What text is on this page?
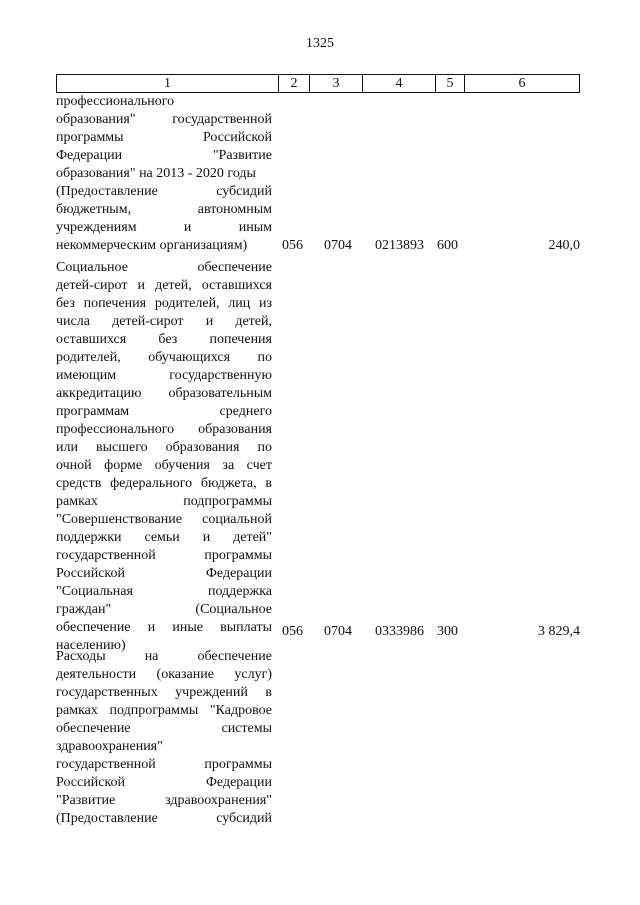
1325
1	2	3	4	5	6
профессионального
образования" государственной
программы Российской
Федерации "Развитие
образования" на 2013 - 2020 годы
(Предоставление субсидий
бюджетным, автономным
учреждениям и иным
некоммерческим организациям)	056 0704 0213893 600	240,0
Социальное обеспечение
детей-сирот и детей, оставшихся
без попечения родителей, лиц из
числа детей-сирот и детей,
оставшихся без попечения
родителей, обучающихся по
имеющим государственную
аккредитацию образовательным
программам среднего
профессионального образования
или высшего образования по
очной форме обучения за счет
средств федерального бюджета, в
рамках подпрограммы
"Совершенствование социальной
поддержки семьи и детей"
государственной программы
Российской Федерации
"Социальная поддержка
граждан" (Социальное
обеспечение и иные выплаты
населению)
056 0704 0333986 300	3 829,4
Расходы на обеспечение
деятельности (оказание услуг)
государственных учреждений в
рамках подпрограммы "Кадровое
обеспечение системы
здравоохранения"
государственной программы
Российской Федерации
"Развитие здравоохранения"
(Предоставление субсидий
